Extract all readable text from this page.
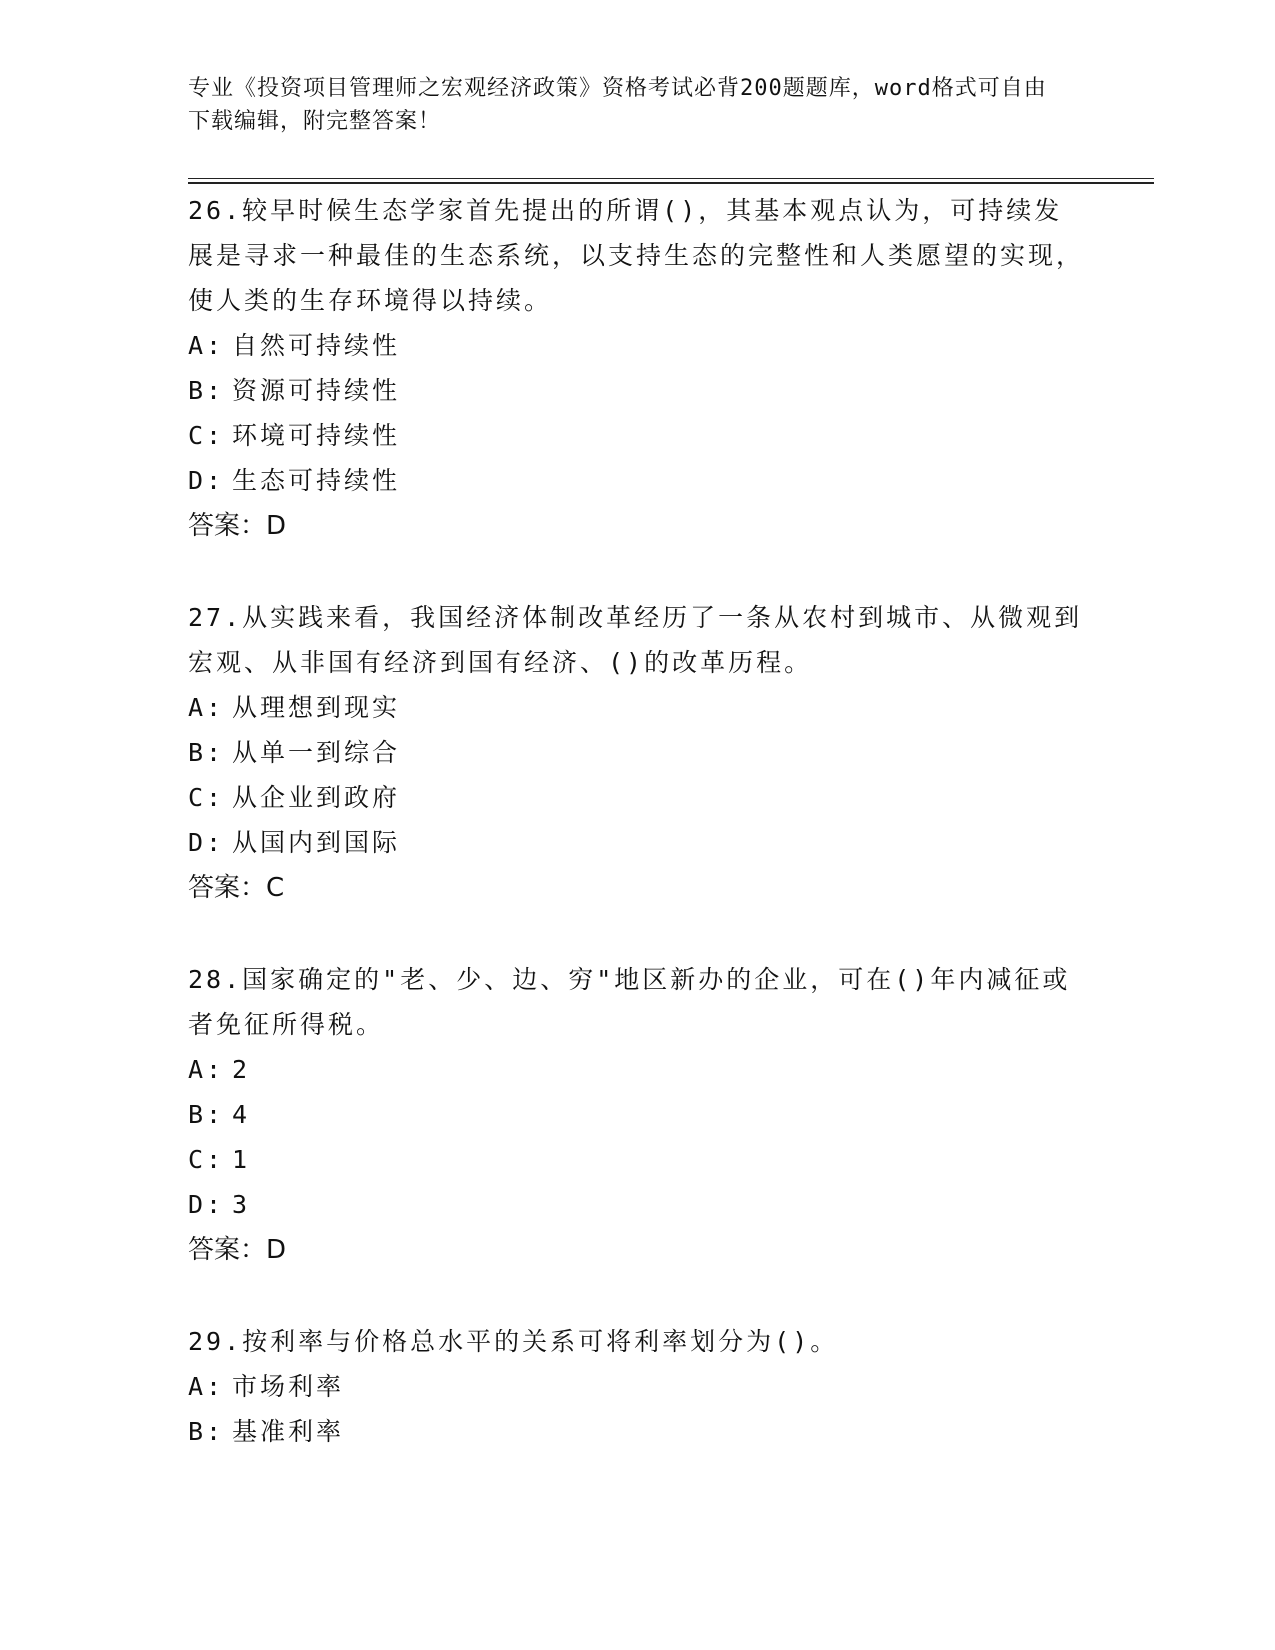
专业《投资项目管理师之宏观经济政策》资格考试必背200题题库，word格式可自由下载编辑，附完整答案！

26.较早时候生态学家首先提出的所谓()，其基本观点认为，可持续发展是寻求一种最佳的生态系统，以支持生态的完整性和人类愿望的实现，使人类的生存环境得以持续。

A: 自然可持续性
B: 资源可持续性
C: 环境可持续性
D: 生态可持续性

答案：D

27.从实践来看，我国经济体制改革经历了一条从农村到城市、从微观到宏观、从非国有经济到国有经济、()的改革历程。

A: 从理想到现实
B: 从单一到综合
C: 从企业到政府
D: 从国内到国际

答案：C

28.国家确定的"老、少、边、穷"地区新办的企业，可在()年内减征或者免征所得税。

A: 2
B: 4
C: 1
D: 3

答案：D

29.按利率与价格总水平的关系可将利率划分为()。

A: 市场利率
B: 基准利率
